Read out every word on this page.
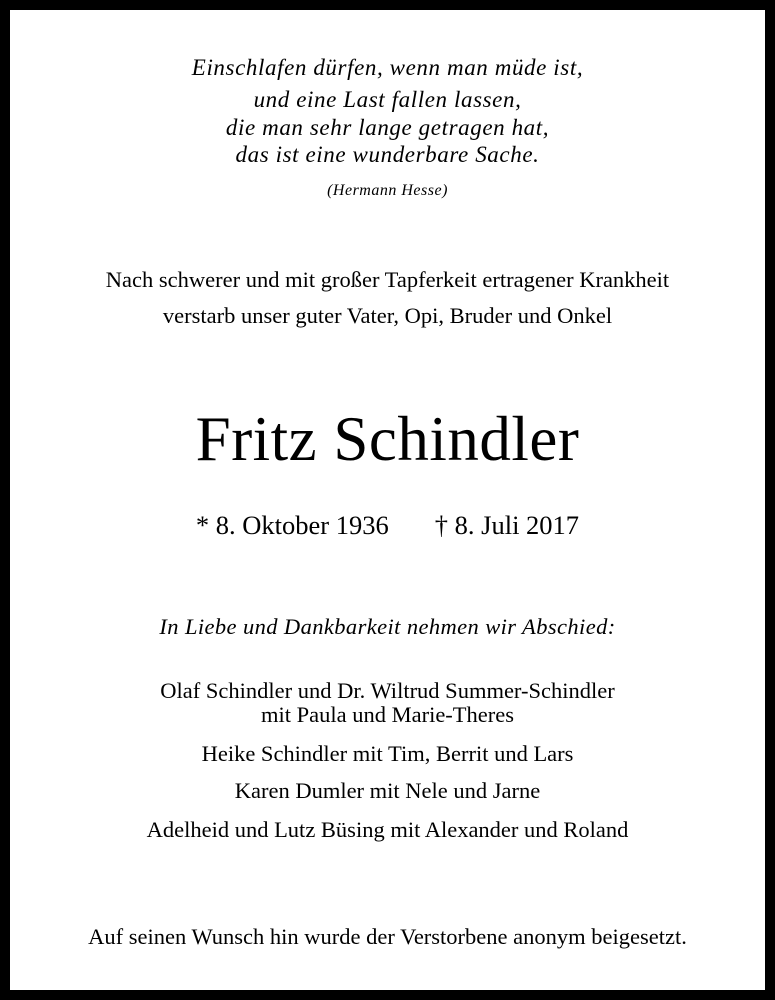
Einschlafen dürfen, wenn man müde ist,
und eine Last fallen lassen,
die man sehr lange getragen hat,
das ist eine wunderbare Sache.
(Hermann Hesse)
Nach schwerer und mit großer Tapferkeit ertragener Krankheit
verstarb unser guter Vater, Opi, Bruder und Onkel
Fritz Schindler
* 8. Oktober 1936 † 8. Juli 2017
In Liebe und Dankbarkeit nehmen wir Abschied:
Olaf Schindler und Dr. Wiltrud Summer-Schindler
mit Paula und Marie-Theres
Heike Schindler mit Tim, Berrit und Lars
Karen Dumler mit Nele und Jarne
Adelheid und Lutz Büsing mit Alexander und Roland
Auf seinen Wunsch hin wurde der Verstorbene anonym beigesetzt.
